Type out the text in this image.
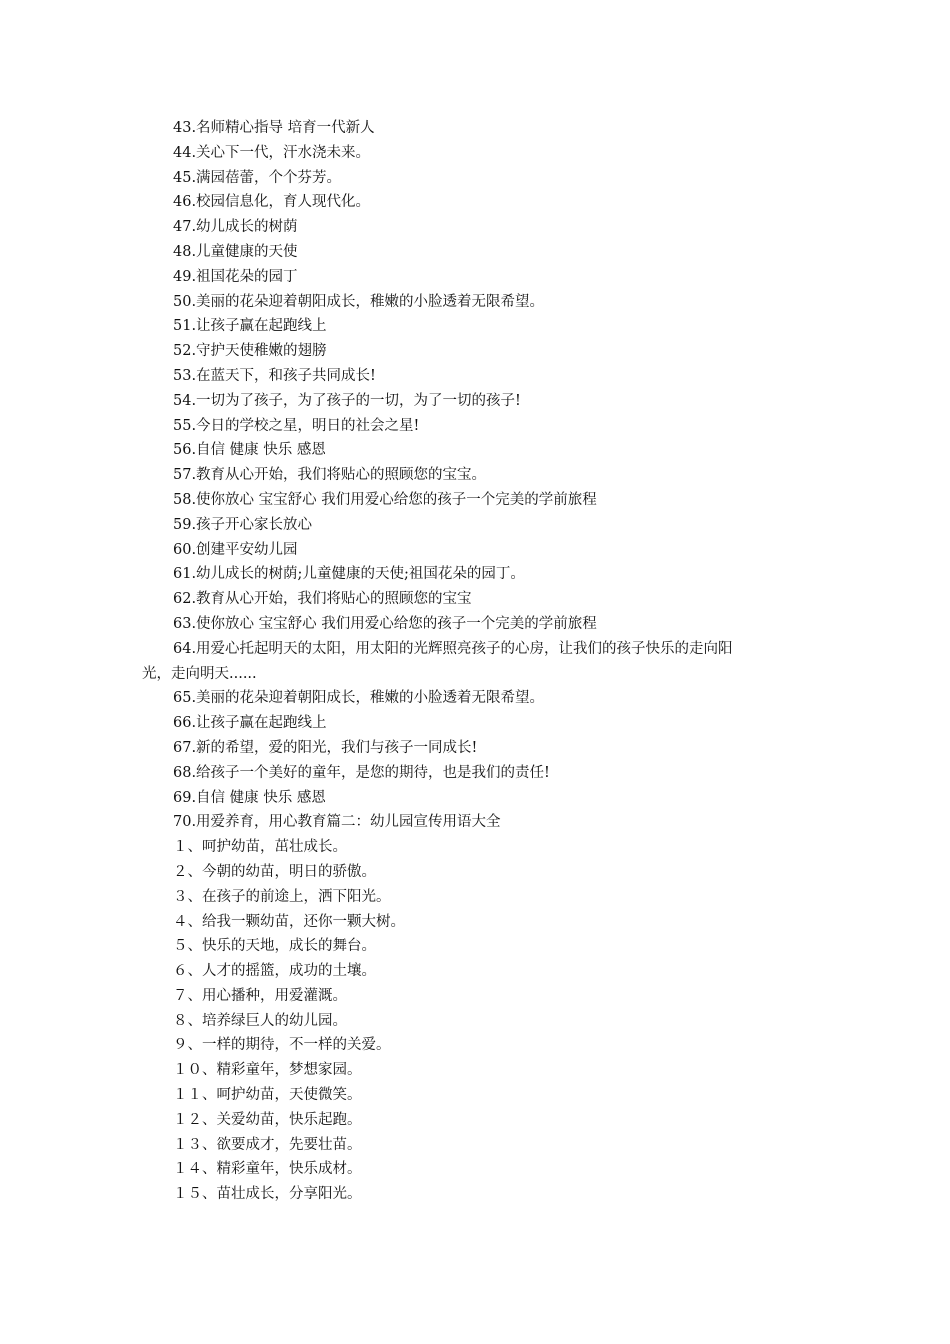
43.名师精心指导 培育一代新人

44.关心下一代，汗水浇未来。

45.满园蓓蕾，个个芬芳。

46.校园信息化，育人现代化。

47.幼儿成长的树荫

48.儿童健康的天使

49.祖国花朵的园丁

50.美丽的花朵迎着朝阳成长，稚嫩的小脸透着无限希望。

51.让孩子赢在起跑线上

52.守护天使稚嫩的翅膀

53.在蓝天下，和孩子共同成长!

54.一切为了孩子，为了孩子的一切，为了一切的孩子!

55.今日的学校之星，明日的社会之星!

56.自信 健康 快乐 感恩

57.教育从心开始，我们将贴心的照顾您的宝宝。

58.使你放心 宝宝舒心 我们用爱心给您的孩子一个完美的学前旅程

59.孩子开心家长放心

60.创建平安幼儿园

61.幼儿成长的树荫;儿童健康的天使;祖国花朵的园丁。

62.教育从心开始，我们将贴心的照顾您的宝宝

63.使你放心 宝宝舒心 我们用爱心给您的孩子一个完美的学前旅程

64.用爱心托起明天的太阳，用太阳的光辉照亮孩子的心房，让我们的孩子快乐的走向阳

光，走向明天......

65.美丽的花朵迎着朝阳成长，稚嫩的小脸透着无限希望。

66.让孩子赢在起跑线上

67.新的希望，爱的阳光，我们与孩子一同成长!

68.给孩子一个美好的童年，是您的期待，也是我们的责任!

69.自信 健康 快乐 感恩

70.用爱养育，用心教育篇二：幼儿园宣传用语大全

１、呵护幼苗，茁壮成长。

２、今朝的幼苗，明日的骄傲。

３、在孩子的前途上，洒下阳光。

４、给我一颗幼苗，还你一颗大树。

５、快乐的天地，成长的舞台。

６、人才的摇篮，成功的土壤。

７、用心播种，用爱灌溉。

８、培养绿巨人的幼儿园。

９、一样的期待，不一样的关爱。

１０、精彩童年，梦想家园。

１１、呵护幼苗，天使微笑。

１２、关爱幼苗，快乐起跑。

１３、欲要成才，先要壮苗。

１４、精彩童年，快乐成材。

１５、苗壮成长，分享阳光。
